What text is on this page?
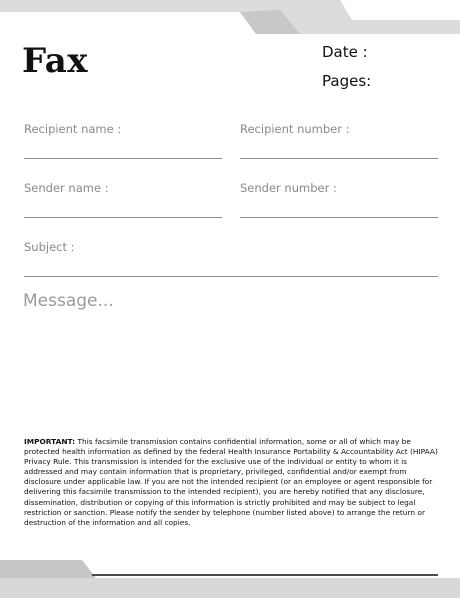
Fax	Date :
Pages:
Recipient name :	Recipient number :
Sender name :	Sender number :
Subject :
Message...
IMPORTANT: This facsimile transmission contains confidential information, some or all of which may be protected health information as defined by the federal Health Insurance Portability & Accountability Act (HIPAA) Privacy Rule. This transmission is intended for the exclusive use of the individual or entity to whom it is addressed and may contain information that is proprietary, privileged, confidential and/or exempt from disclosure under applicable law. If you are not the intended recipient (or an employee or agent responsible for delivering this facsimile transmission to the intended recipient), you are hereby notified that any disclosure, dissemination, distribution or copying of this information is strictly prohibited and may be subject to legal restriction or sanction. Please notify the sender by telephone (number listed above) to arrange the return or destruction of the information and all copies.
